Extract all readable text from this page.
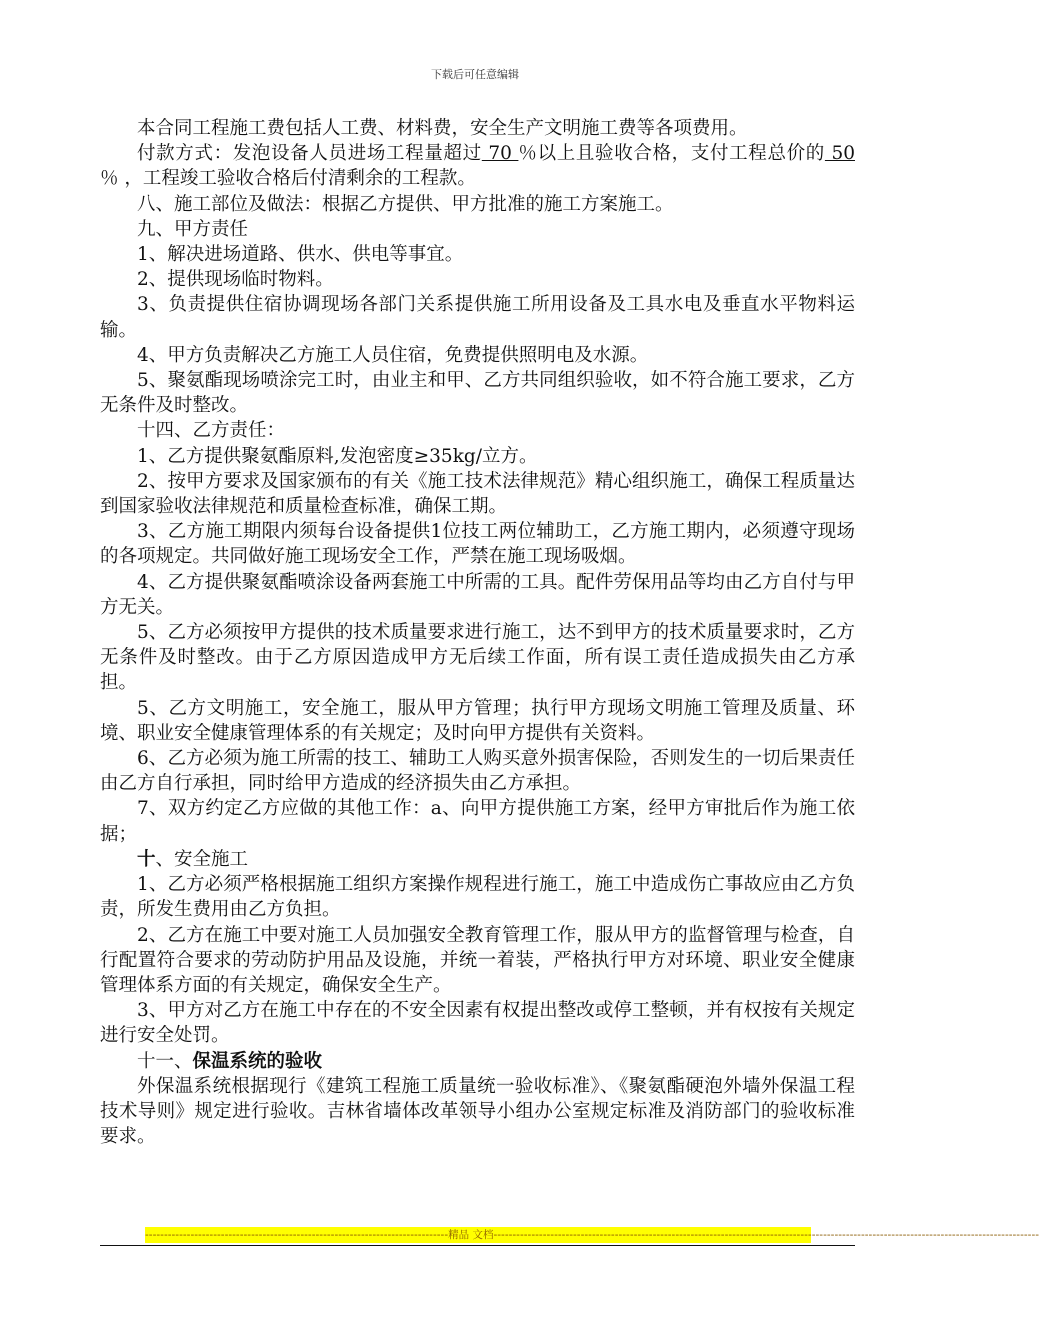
下载后可任意编辑

本合同工程施工费包括人工费、材料费，安全生产文明施工费等各项费用。

付款方式：发泡设备人员进场工程量超过 70 ％以上且验收合格，支付工程总价的 50 ％ ，工程竣工验收合格后付清剩余的工程款。

八、施工部位及做法：根据乙方提供、甲方批准的施工方案施工。

九、甲方责任

1、解决进场道路、供水、供电等事宜。

2、提供现场临时物料。

3、负责提供住宿协调现场各部门关系提供施工所用设备及工具水电及垂直水平物料运输。

4、甲方负责解决乙方施工人员住宿，免费提供照明电及水源。

5、聚氨酯现场喷涂完工时，由业主和甲、乙方共同组织验收，如不符合施工要求，乙方无条件及时整改。

十四、乙方责任：

1、乙方提供聚氨酯原料,发泡密度≥35kg/立方。

2、按甲方要求及国家颁布的有关《施工技术法律规范》精心组织施工，确保工程质量达到国家验收法律规范和质量检查标准，确保工期。

3、乙方施工期限内须每台设备提供1位技工两位辅助工，乙方施工期内，必须遵守现场的各项规定。共同做好施工现场安全工作，严禁在施工现场吸烟。

4、乙方提供聚氨酯喷涂设备两套施工中所需的工具。配件劳保用品等均由乙方自付与甲方无关。

5、乙方必须按甲方提供的技术质量要求进行施工，达不到甲方的技术质量要求时，乙方无条件及时整改。由于乙方原因造成甲方无后续工作面，所有误工责任造成损失由乙方承担。

5、乙方文明施工，安全施工，服从甲方管理；执行甲方现场文明施工管理及质量、环境、职业安全健康管理体系的有关规定；及时向甲方提供有关资料。

6、乙方必须为施工所需的技工、辅助工人购买意外损害保险，否则发生的一切后果责任由乙方自行承担，同时给甲方造成的经济损失由乙方承担。

7、双方约定乙方应做的其他工作：a、向甲方提供施工方案，经甲方审批后作为施工依据；

十、安全施工

1、乙方必须严格根据施工组织方案操作规程进行施工，施工中造成伤亡事故应由乙方负责，所发生费用由乙方负担。

2、乙方在施工中要对施工人员加强安全教育管理工作，服从甲方的监督管理与检查，自行配置符合要求的劳动防护用品及设施，并统一着装，严格执行甲方对环境、职业安全健康管理体系方面的有关规定，确保安全生产。

3、甲方对乙方在施工中存在的不安全因素有权提出整改或停工整顿，并有权按有关规定进行安全处罚。

十一、保温系统的验收

外保温系统根据现行《建筑工程施工质量统一验收标准》、《聚氨酯硬泡外墙外保温工程技术导则》规定进行验收。吉林省墙体改革领导小组办公室规定标准及消防部门的验收标准要求。

--------------------------------------------------------------------------------精品 文档------------------------------------------------------------------------------------------------------------------------------------------------
